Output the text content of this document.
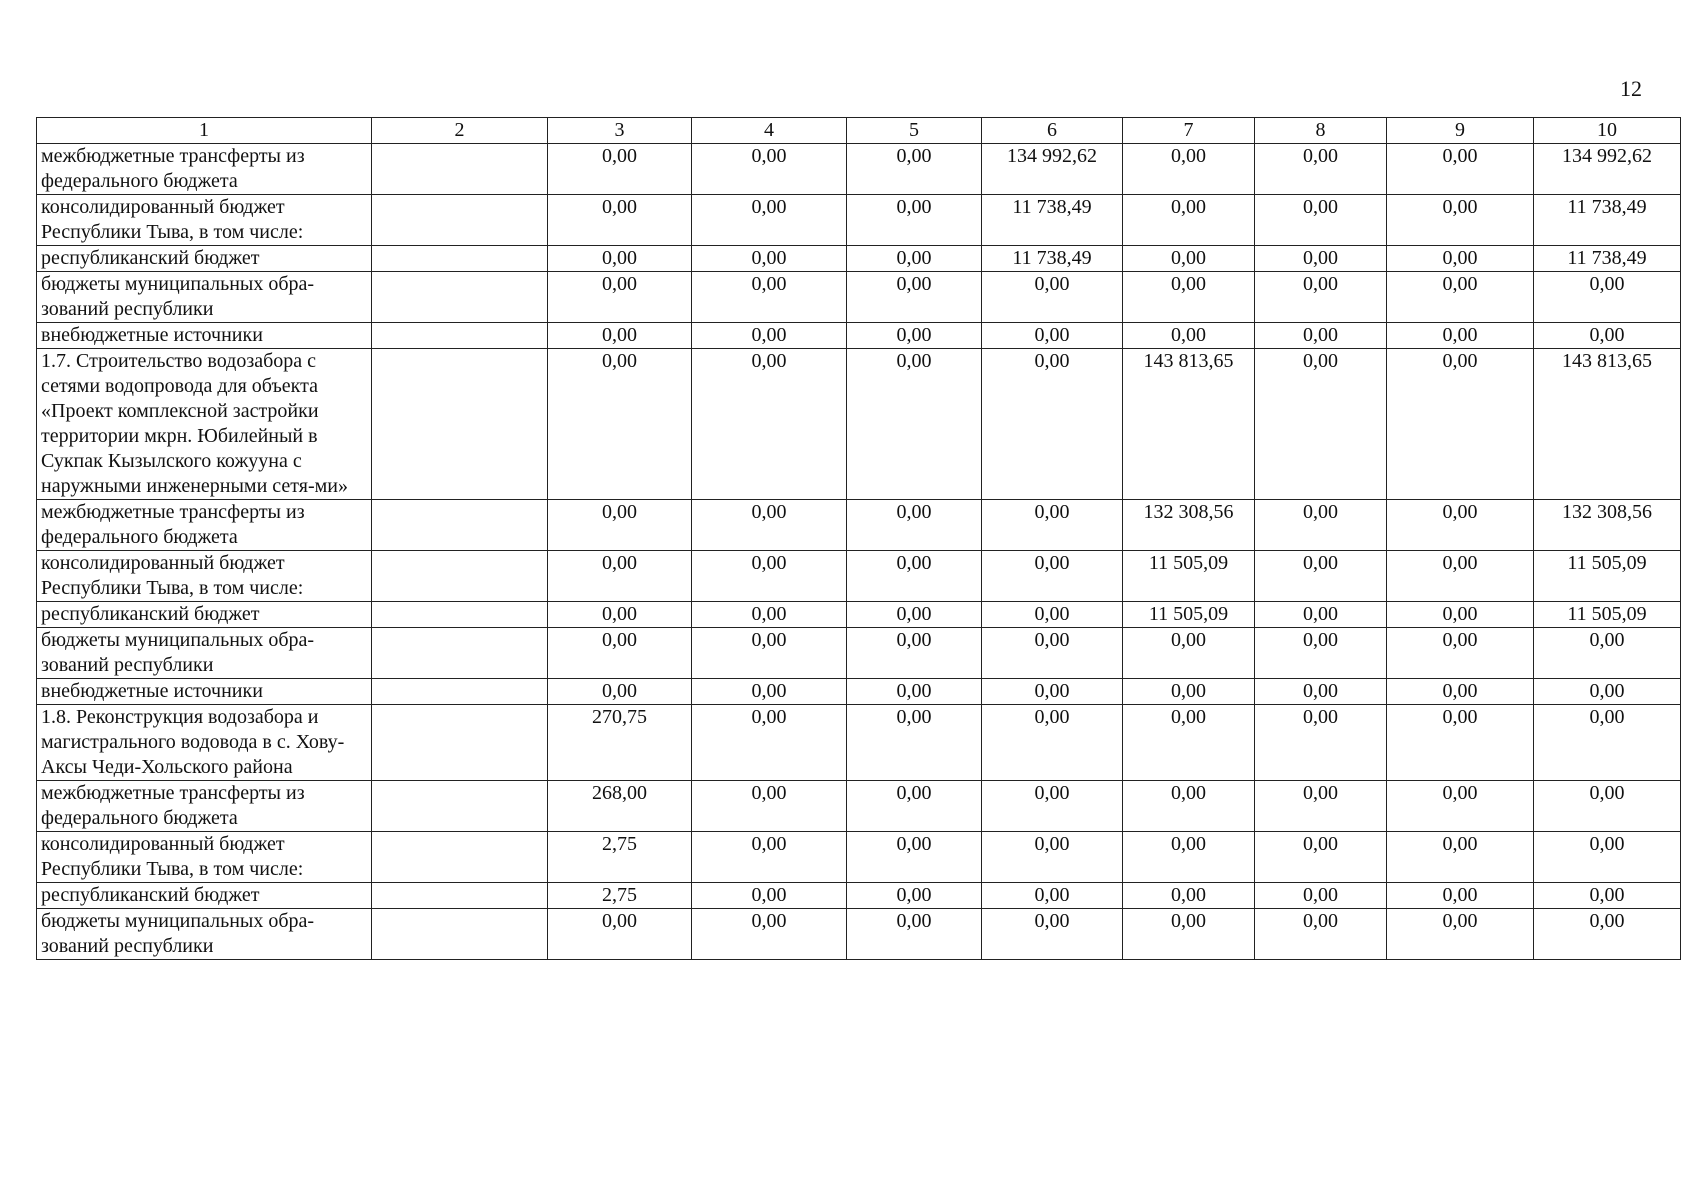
12
1	2	3	4	5	6	7	8	9	10
межбюджетные трансферты из федерального бюджета		0,00	0,00	0,00	134 992,62	0,00	0,00	0,00	134 992,62
консолидированный бюджет Республики Тыва, в том числе:		0,00	0,00	0,00	11 738,49	0,00	0,00	0,00	11 738,49
республиканский бюджет		0,00	0,00	0,00	11 738,49	0,00	0,00	0,00	11 738,49
бюджеты муниципальных обра-зований республики		0,00	0,00	0,00	0,00	0,00	0,00	0,00	0,00
внебюджетные источники		0,00	0,00	0,00	0,00	0,00	0,00	0,00	0,00
1.7. Строительство водозабора с сетями водопровода для объекта «Проект комплексной застройки территории мкрн. Юбилейный в Сукпак Кызылского кожууна с наружными инженерными сетя-ми»		0,00	0,00	0,00	0,00	143 813,65	0,00	0,00	143 813,65
межбюджетные трансферты из федерального бюджета		0,00	0,00	0,00	0,00	132 308,56	0,00	0,00	132 308,56
консолидированный бюджет Республики Тыва, в том числе:		0,00	0,00	0,00	0,00	11 505,09	0,00	0,00	11 505,09
республиканский бюджет		0,00	0,00	0,00	0,00	11 505,09	0,00	0,00	11 505,09
бюджеты муниципальных обра-зований республики		0,00	0,00	0,00	0,00	0,00	0,00	0,00	0,00
внебюджетные источники		0,00	0,00	0,00	0,00	0,00	0,00	0,00	0,00
1.8. Реконструкция водозабора и магистрального водовода в с. Хову-Аксы Чеди-Хольского района		270,75	0,00	0,00	0,00	0,00	0,00	0,00	0,00
межбюджетные трансферты из федерального бюджета		268,00	0,00	0,00	0,00	0,00	0,00	0,00	0,00
консолидированный бюджет Республики Тыва, в том числе:		2,75	0,00	0,00	0,00	0,00	0,00	0,00	0,00
республиканский бюджет		2,75	0,00	0,00	0,00	0,00	0,00	0,00	0,00
бюджеты муниципальных обра-зований республики		0,00	0,00	0,00	0,00	0,00	0,00	0,00	0,00
